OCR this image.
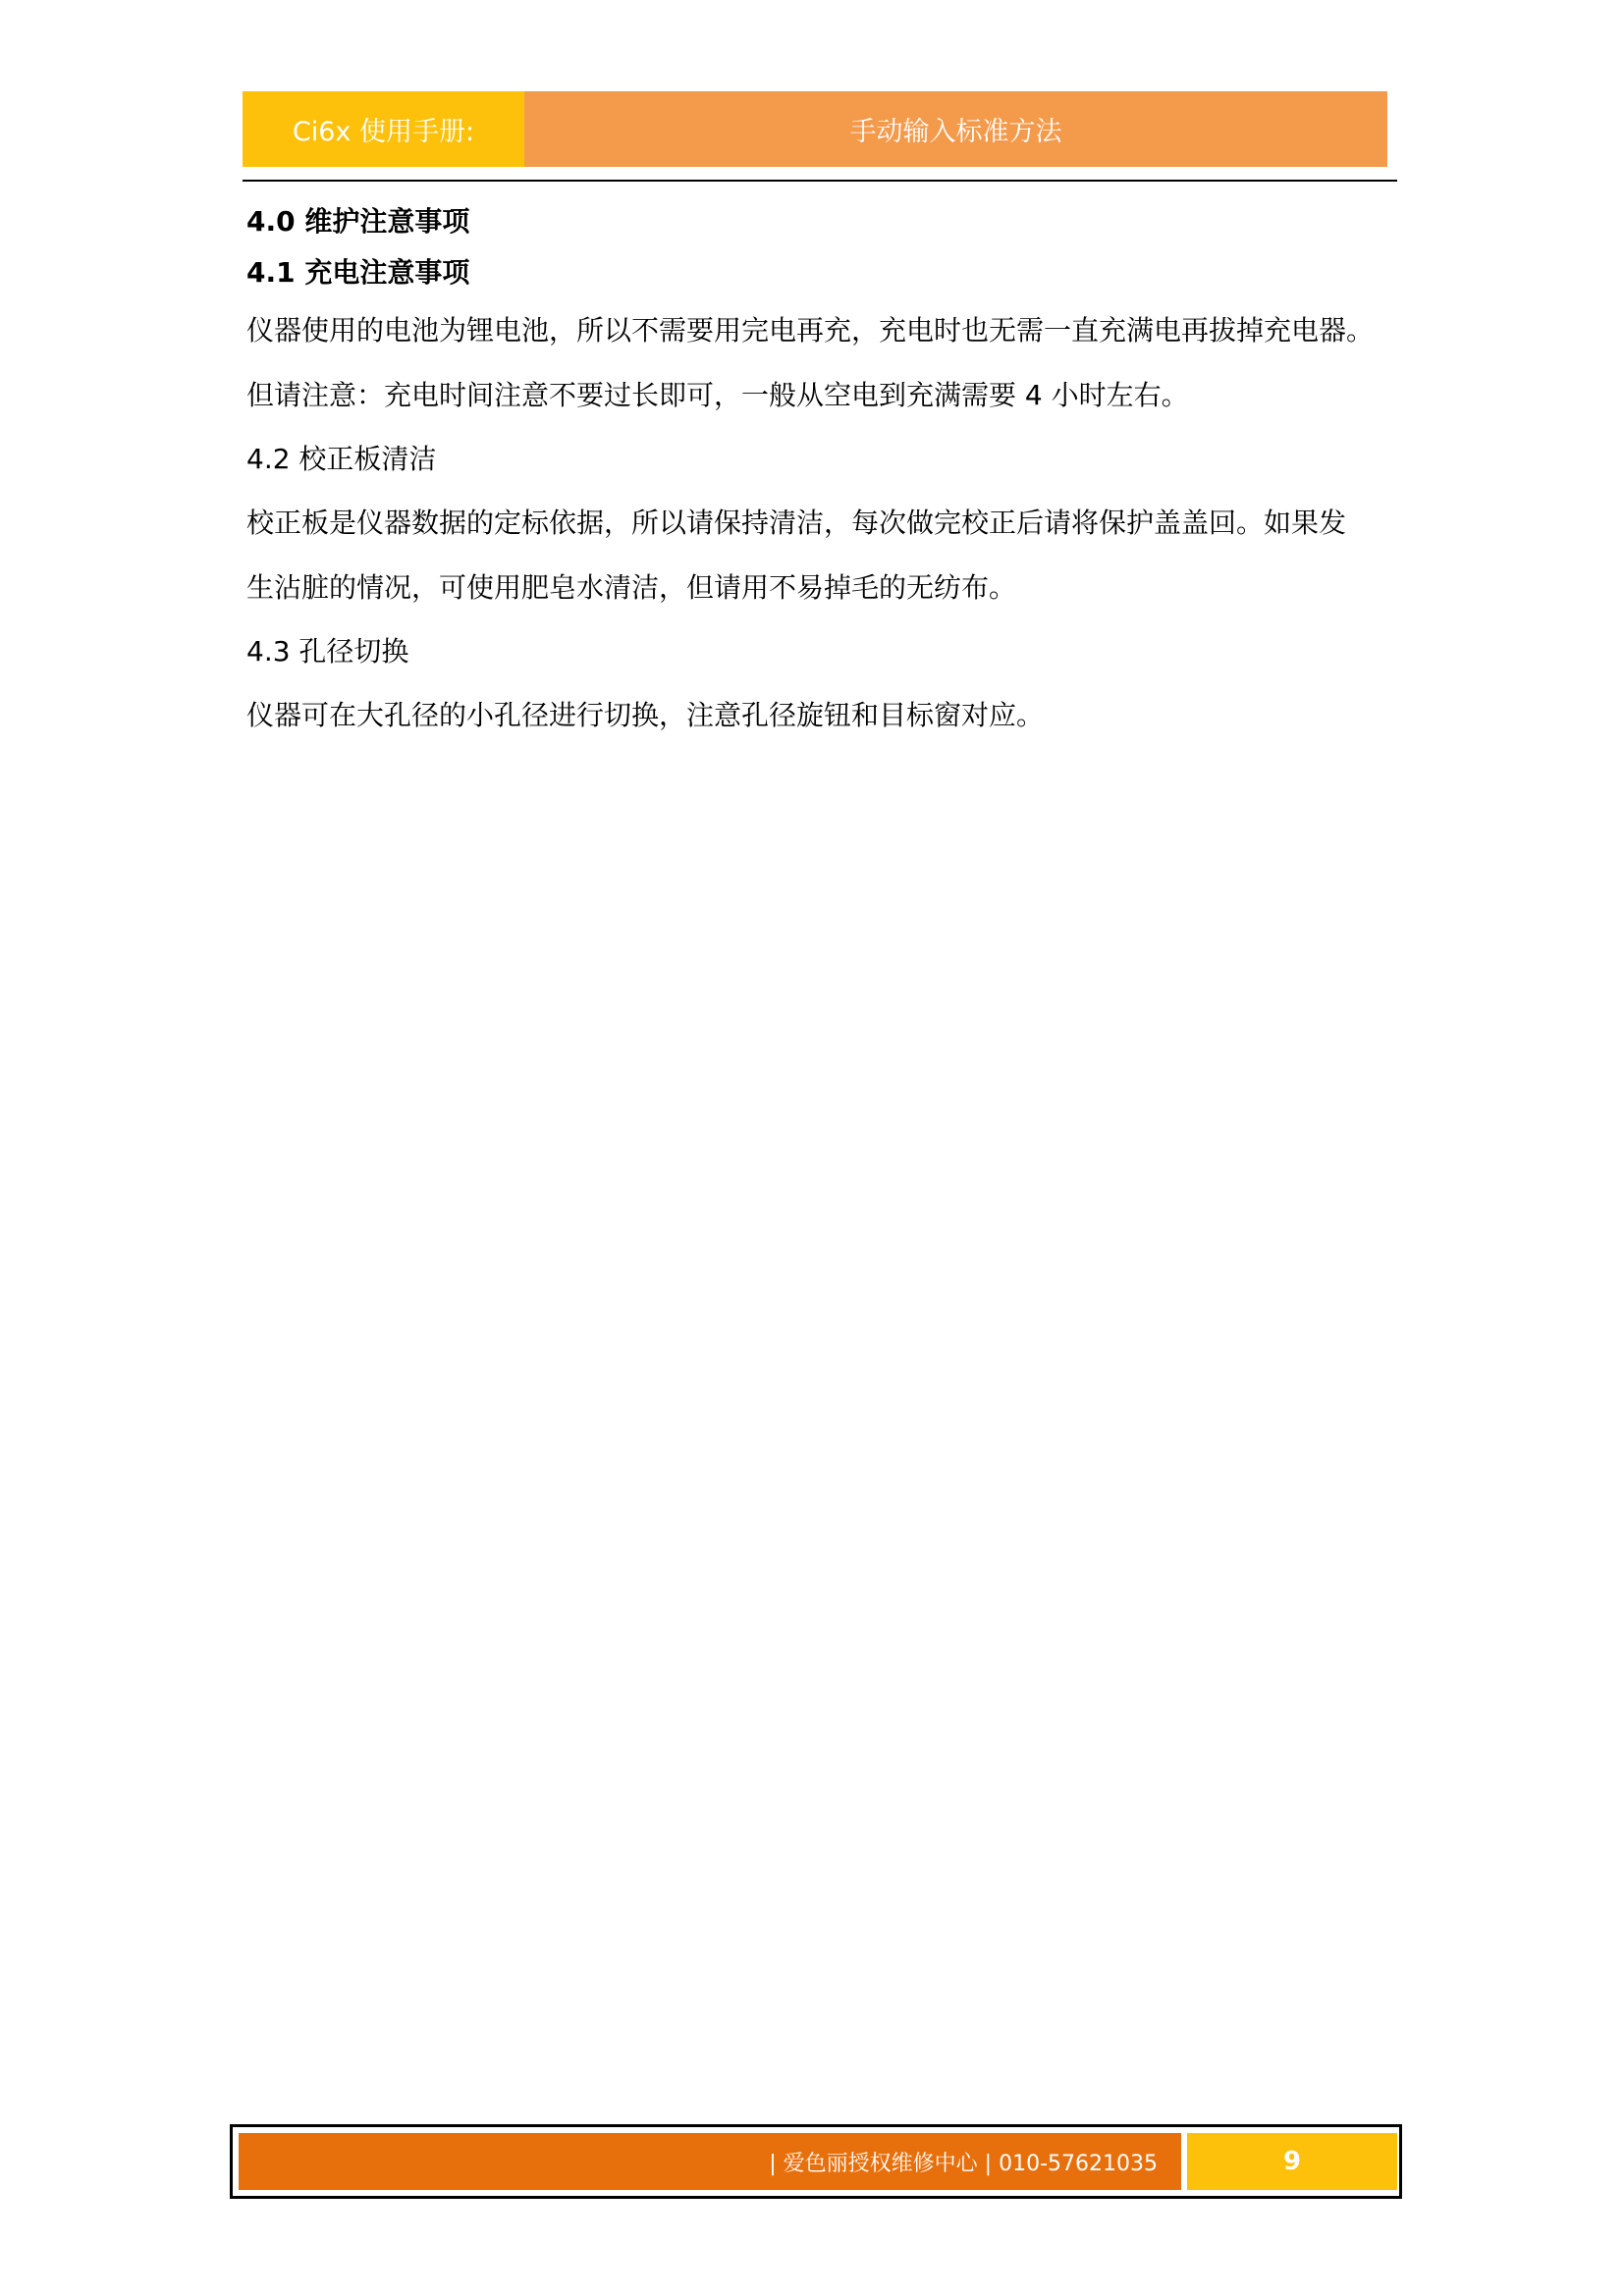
Ci6x 使用手册:	手动输入标准方法
4.0 维护注意事项
4.1 充电注意事项

仪器使用的电池为锂电池，所以不需要用完电再充，充电时也无需一直充满电再拔掉充电器。

但请注意：充电时间注意不要过长即可，一般从空电到充满需要 4 小时左右。

4.2 校正板清洁

校正板是仪器数据的定标依据，所以请保持清洁，每次做完校正后请将保护盖盖回。如果发

生沾脏的情况，可使用肥皂水清洁，但请用不易掉毛的无纺布。

4.3 孔径切换

仪器可在大孔径的小孔径进行切换，注意孔径旋钮和目标窗对应。

| 爱色丽授权维修中心 | 010-57621035	9
